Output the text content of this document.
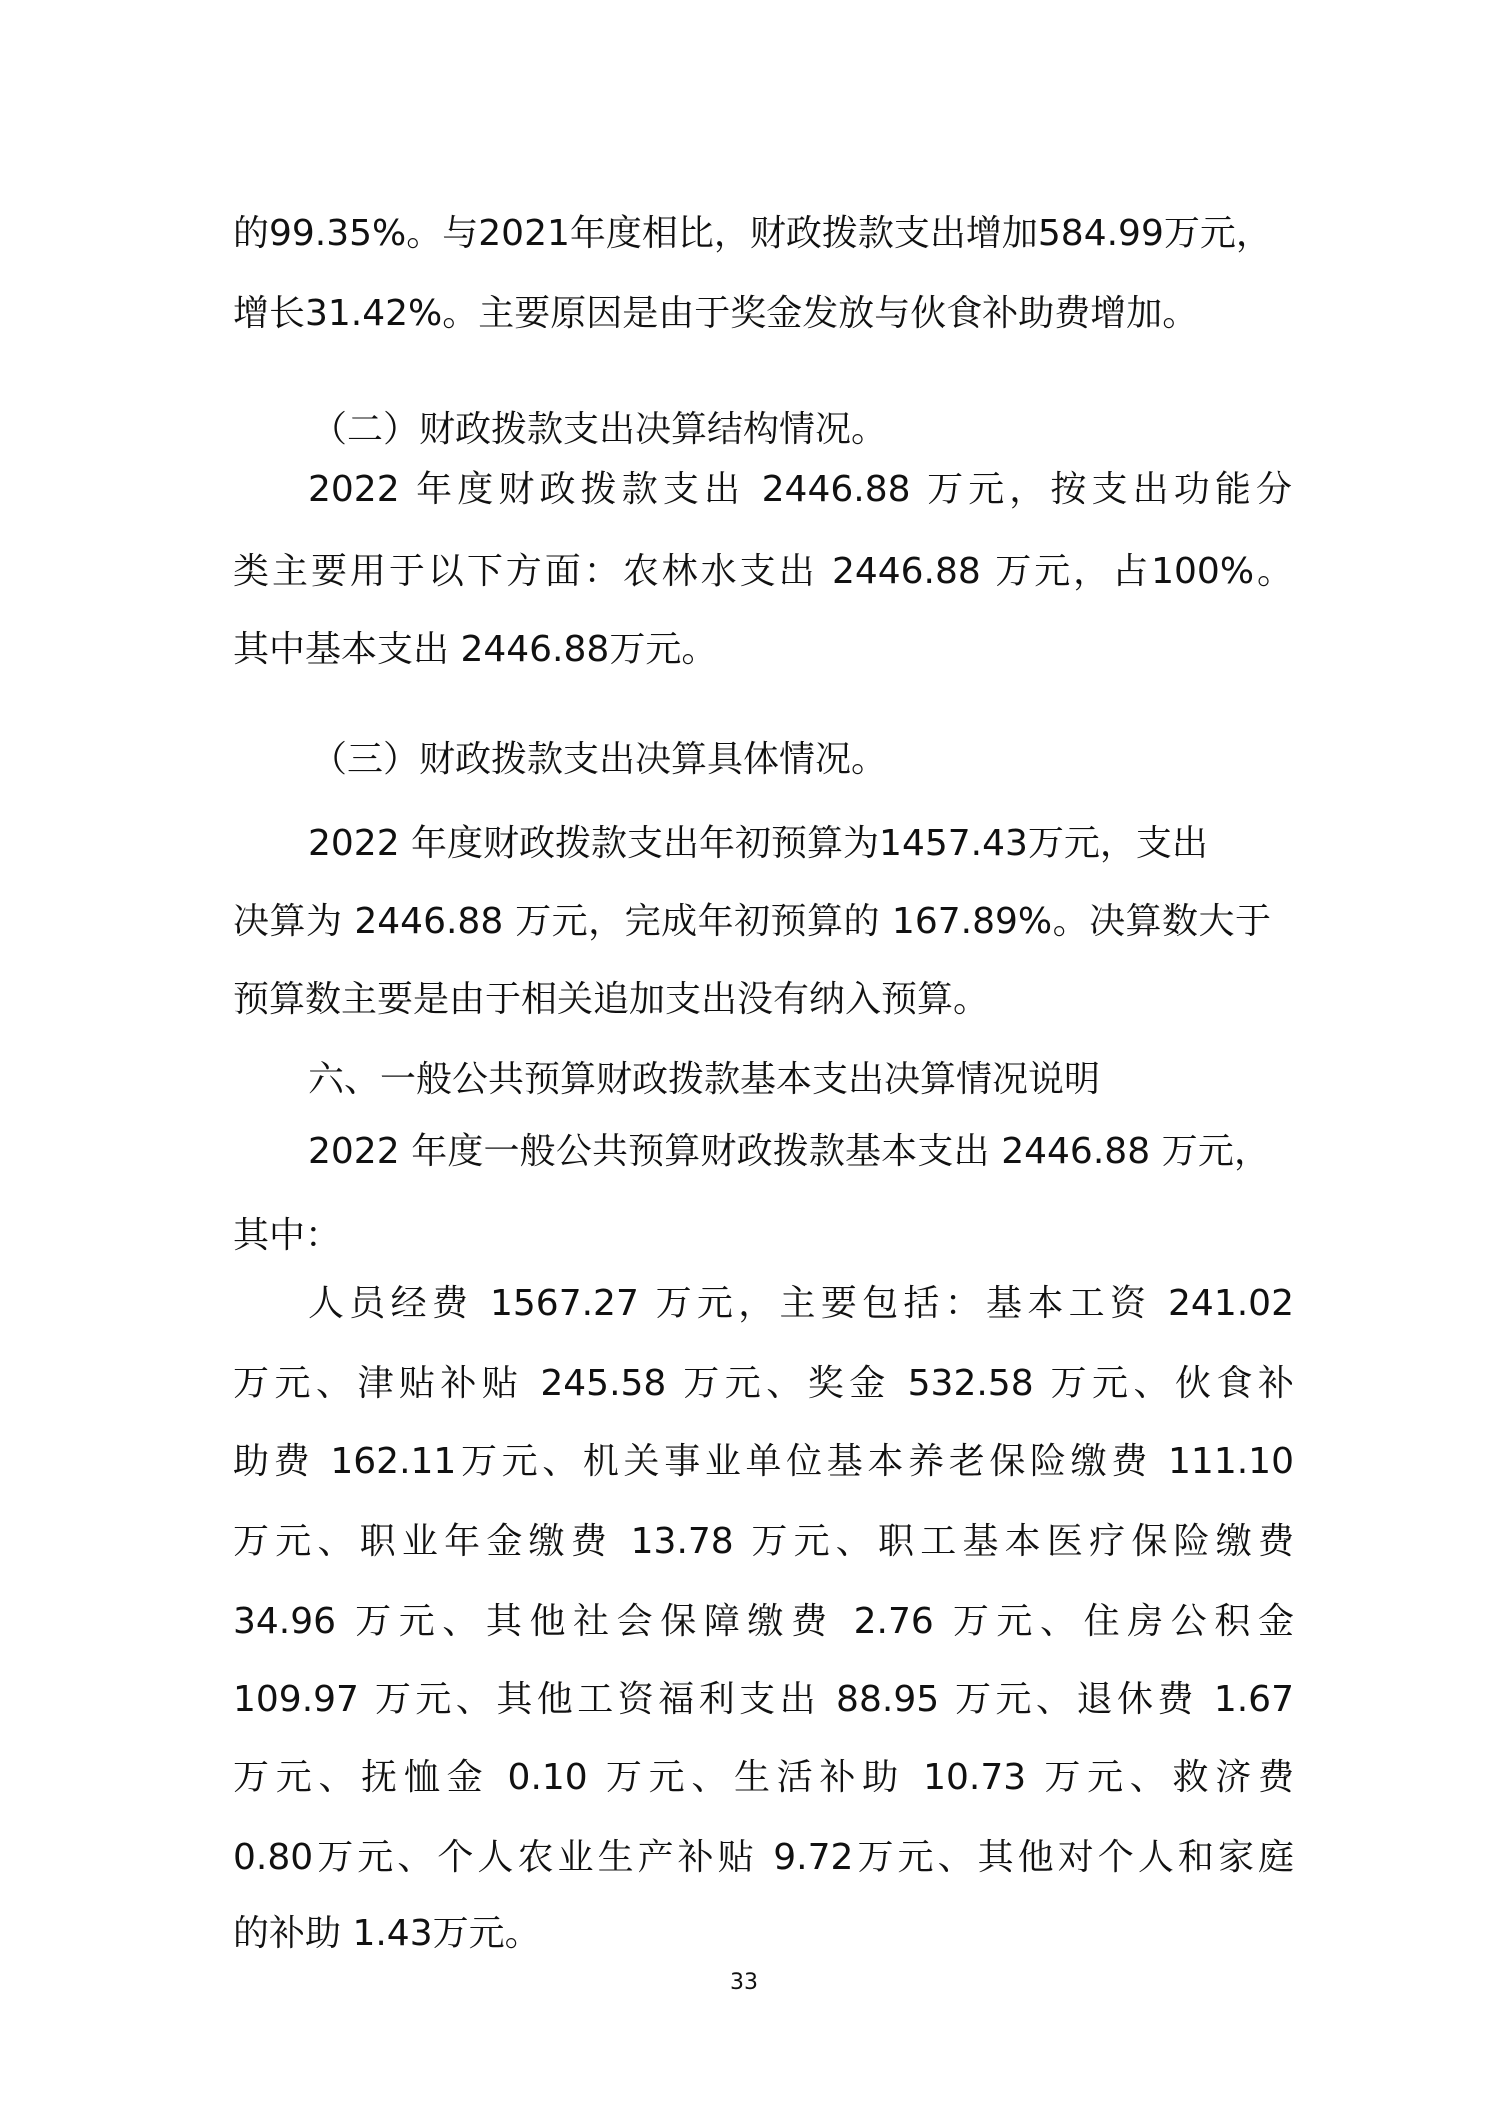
的99.35%。与2021年度相比，财政拨款支出增加584.99万元，

增长31.42%。主要原因是由于奖金发放与伙食补助费增加。

（二）财政拨款支出决算结构情况。

2022 年度财政拨款支出 2446.88 万元，按支出功能分

类主要用于以下方面：农林水支出 2446.88 万元，占100%。

其中基本支出 2446.88万元。

（三）财政拨款支出决算具体情况。

2022 年度财政拨款支出年初预算为1457.43万元，支出

决算为 2446.88 万元，完成年初预算的 167.89%。决算数大于

预算数主要是由于相关追加支出没有纳入预算。

六、一般公共预算财政拨款基本支出决算情况说明

2022 年度一般公共预算财政拨款基本支出 2446.88 万元，

其中：

人员经费 1567.27 万元，主要包括：基本工资 241.02

万元、津贴补贴 245.58 万元、奖金 532.58 万元、伙食补

助费 162.11万元、机关事业单位基本养老保险缴费 111.10

万元、职业年金缴费 13.78 万元、职工基本医疗保险缴费

34.96 万元、其他社会保障缴费 2.76 万元、住房公积金

109.97 万元、其他工资福利支出 88.95 万元、退休费 1.67

万元、抚恤金 0.10 万元、生活补助 10.73 万元、救济费

0.80万元、个人农业生产补贴 9.72万元、其他对个人和家庭

的补助 1.43万元。

33
